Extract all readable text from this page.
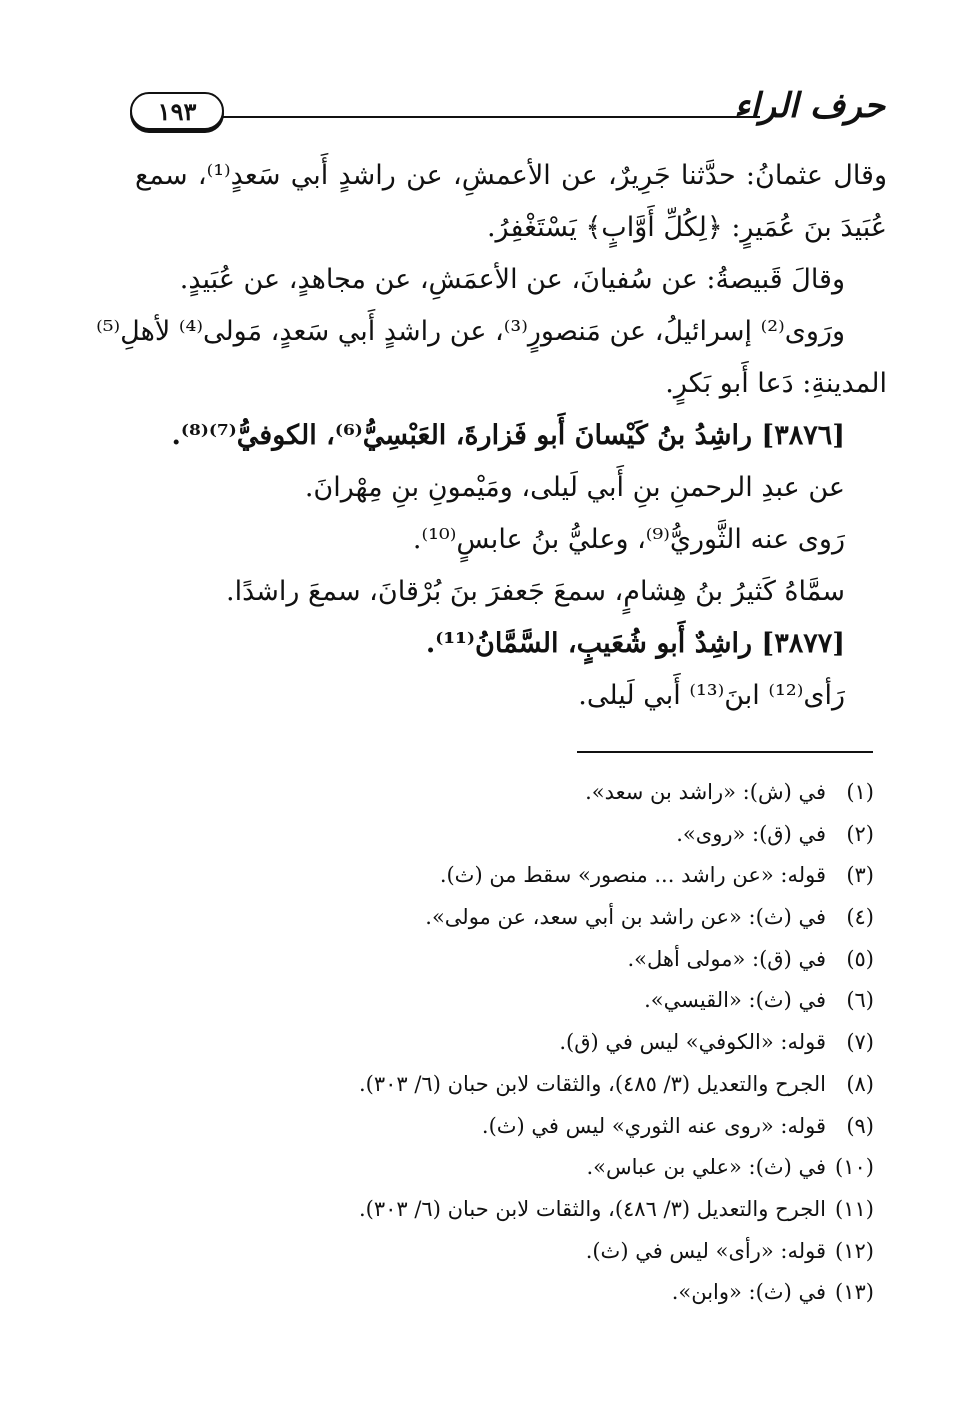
حرف الراء
١٩٣
وقال عثمانُ: حدَّثنا جَرِيرٌ، عن الأعمشِ، عن راشدٍ أَبي سَعدٍ⁽¹⁾، سمع
عُبَيدَ بنَ عُمَيرٍ: ﴿لِكُلِّ أَوَّابٍ﴾ يَسْتَغْفِرُ.
وقالَ قَبيصةُ: عن سُفيانَ، عن الأعمَشِ، عن مجاهدٍ، عن عُبَيدٍ.
ورَوى⁽²⁾ إسرائيلُ، عن مَنصورٍ⁽³⁾، عن راشدٍ أَبي سَعدٍ، مَولى⁽⁴⁾ لأهلِ⁽⁵⁾
المدينةِ: دَعا أَبو بَكرٍ.
[٣٨٧٦] راشِدُ بنُ كَيْسانَ أَبو فَزارةَ، العَبْسِيُّ⁽⁶⁾، الكوفيُّ⁽⁷⁾⁽⁸⁾.
عن عبدِ الرحمنِ بنِ أَبي لَيلى، ومَيْمونِ بنِ مِهْرانَ.
رَوى عنه الثَّوريُّ⁽⁹⁾، وعليُّ بنُ عابسٍ⁽¹⁰⁾.
سمَّاهُ كَثيرُ بنُ هِشامٍ، سمعَ جَعفرَ بنَ بُرْقانَ، سمعَ راشدًا.
[٣٨٧٧] راشِدٌ أَبو شُعَيبٍ، السَّمَّانُ⁽¹¹⁾.
رَأى⁽¹²⁾ ابنَ⁽¹³⁾ أَبي لَيلى.
(١)في (ش): «راشد بن سعد».
(٢)في (ق): «روى».
(٣)قوله: «عن راشد ... منصور» سقط من (ث).
(٤)في (ث): «عن راشد بن أبي سعد، عن مولى».
(٥)في (ق): «مولى أهل».
(٦)في (ث): «القيسي».
(٧)قوله: «الكوفي» ليس في (ق).
(٨)الجرح والتعديل (٣/ ٤٨٥)، والثقات لابن حبان (٦/ ٣٠٣).
(٩)قوله: «روى عنه الثوري» ليس في (ث).
(١٠)في (ث): «علي بن عباس».
(١١)الجرح والتعديل (٣/ ٤٨٦)، والثقات لابن حبان (٦/ ٣٠٣).
(١٢)قوله: «رأى» ليس في (ث).
(١٣)في (ث): «وابن».
